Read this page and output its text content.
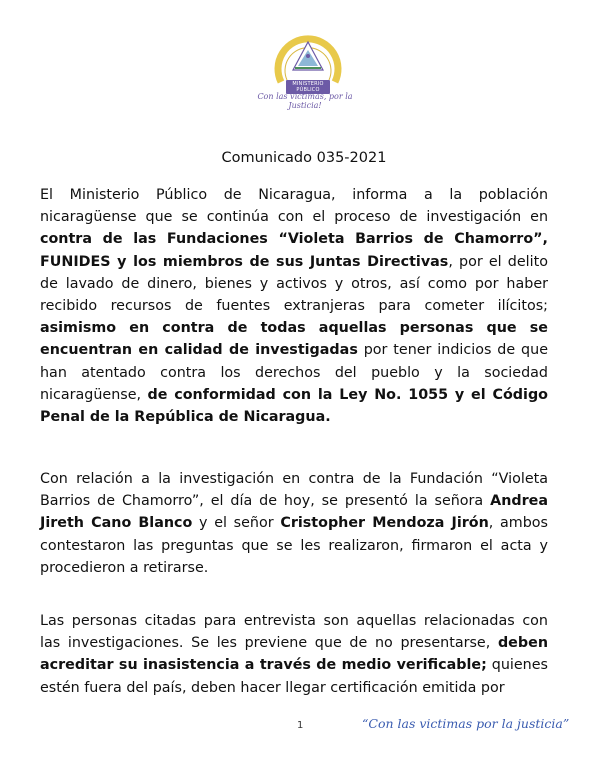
MINISTERIO
PÚBLICO
Con las víctimas, por la Justicia!
Comunicado 035-2021

El Ministerio Público de Nicaragua, informa a la población nicaragüense que se continúa con el proceso de investigación en contra de las Fundaciones “Violeta Barrios de Chamorro”, FUNIDES y los miembros de sus Juntas Directivas, por el delito de lavado de dinero, bienes y activos y otros, así como por haber recibido recursos de fuentes extranjeras para cometer ilícitos; asimismo en contra de todas aquellas personas que se encuentran en calidad de investigadas por tener indicios de que han atentado contra los derechos del pueblo y la sociedad nicaragüense, de conformidad con la Ley No. 1055 y el Código Penal de la República de Nicaragua.

Con relación a la investigación en contra de la Fundación “Violeta Barrios de Chamorro”, el día de hoy, se presentó la señora Andrea Jireth Cano Blanco y el señor Cristopher Mendoza Jirón, ambos contestaron las preguntas que se les realizaron, firmaron el acta y procedieron a retirarse.

Las personas citadas para entrevista son aquellas relacionadas con las investigaciones. Se les previene que de no presentarse, deben acreditar su inasistencia a través de medio verificable; quienes estén fuera del país, deben hacer llegar certificación emitida por

1	“Con las victimas por la justicia”
